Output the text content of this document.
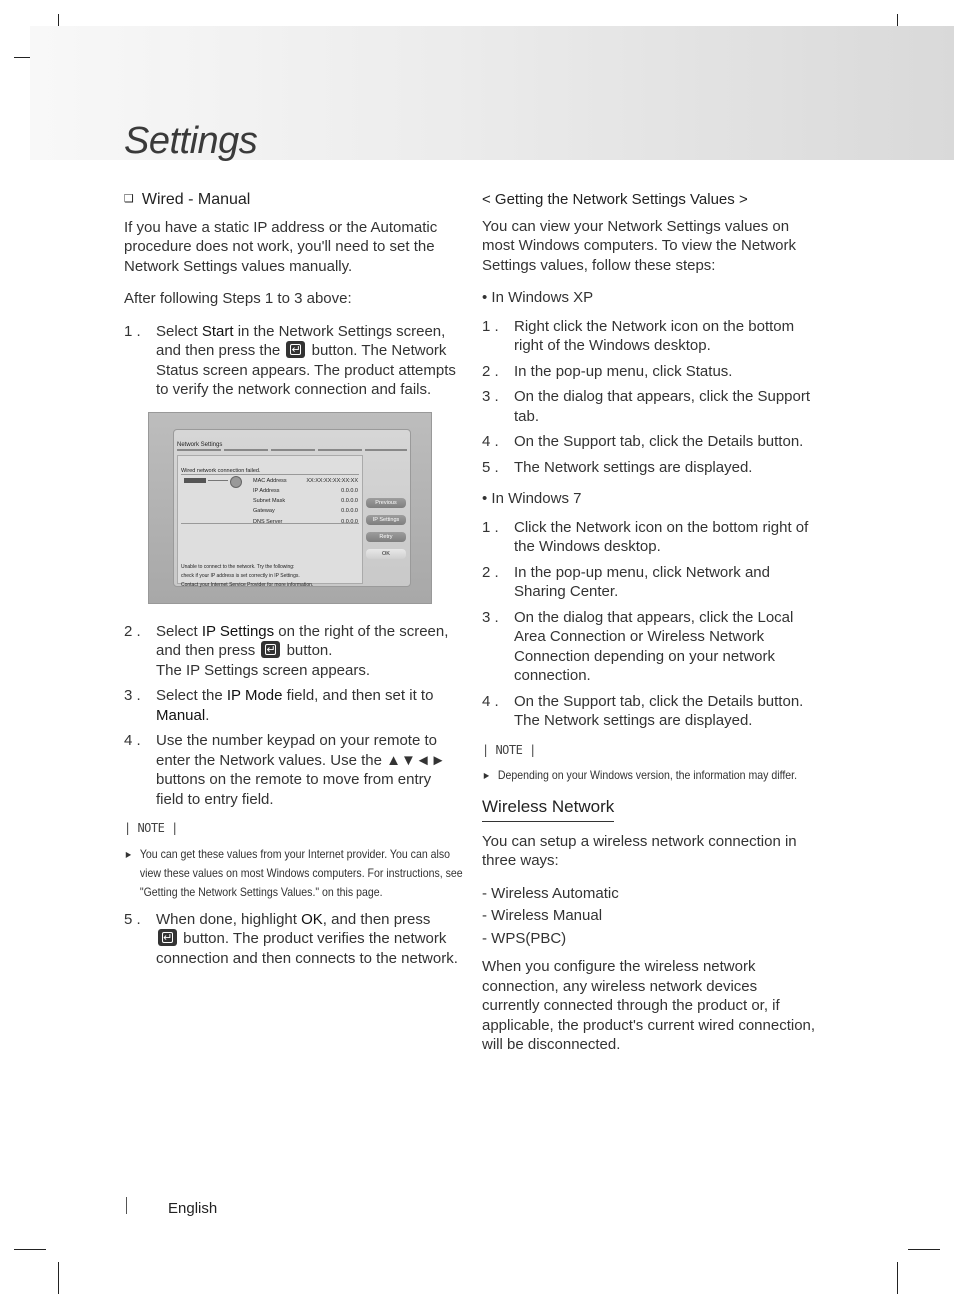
Settings
❑ Wired - Manual
If you have a static IP address or the Automatic procedure does not work, you'll need to set the Network Settings values manually.
After following Steps 1 to 3 above:
1 . Select Start in the Network Settings screen, and then press the ↵ button. The Network Status screen appears. The product attempts to verify the network connection and fails.
Network Settings
Wired network connection failed.
MAC Address
IP Address
Subnet Mask
Gateway
DNS Server
XX:XX:XX:XX:XX:XX
0.0.0.0
0.0.0.0
0.0.0.0
0.0.0.0
Unable to connect to the network. Try the following:
check if your IP address is set correctly in IP Settings.
Contact your Internet Service Provider for more information.
Previous
IP Settings
Retry
OK
2 . Select IP Settings on the right of the screen, and then press ↵ button.
The IP Settings screen appears.
3 . Select the IP Mode field, and then set it to Manual.
4 . Use the number keypad on your remote to enter the Network values. Use the ▲▼◄► buttons on the remote to move from entry field to entry field.
| NOTE |
▶ You can get these values from your Internet provider. You can also view these values on most Windows computers. For instructions, see "Getting the Network Settings Values." on this page.
5 . When done, highlight OK, and then press
↵ button. The product verifies the network connection and then connects to the network.
< Getting the Network Settings Values >
You can view your Network Settings values on most Windows computers. To view the Network Settings values, follow these steps:
• In Windows XP
1 . Right click the Network icon on the bottom right of the Windows desktop.
2 . In the pop-up menu, click Status.
3 . On the dialog that appears, click the Support tab.
4 . On the Support tab, click the Details button.
5 . The Network settings are displayed.
• In Windows 7
1 . Click the Network icon on the bottom right of the Windows desktop.
2 . In the pop-up menu, click Network and Sharing Center.
3 . On the dialog that appears, click the Local Area Connection or Wireless Network Connection depending on your network connection.
4 . On the Support tab, click the Details button. The Network settings are displayed.
| NOTE |
▶ Depending on your Windows version, the information may differ.
Wireless Network
You can setup a wireless network connection in three ways:
- Wireless Automatic
- Wireless Manual
- WPS(PBC)
When you configure the wireless network connection, any wireless network devices currently connected through the product or, if applicable, the product's current wired connection, will be disconnected.
English
